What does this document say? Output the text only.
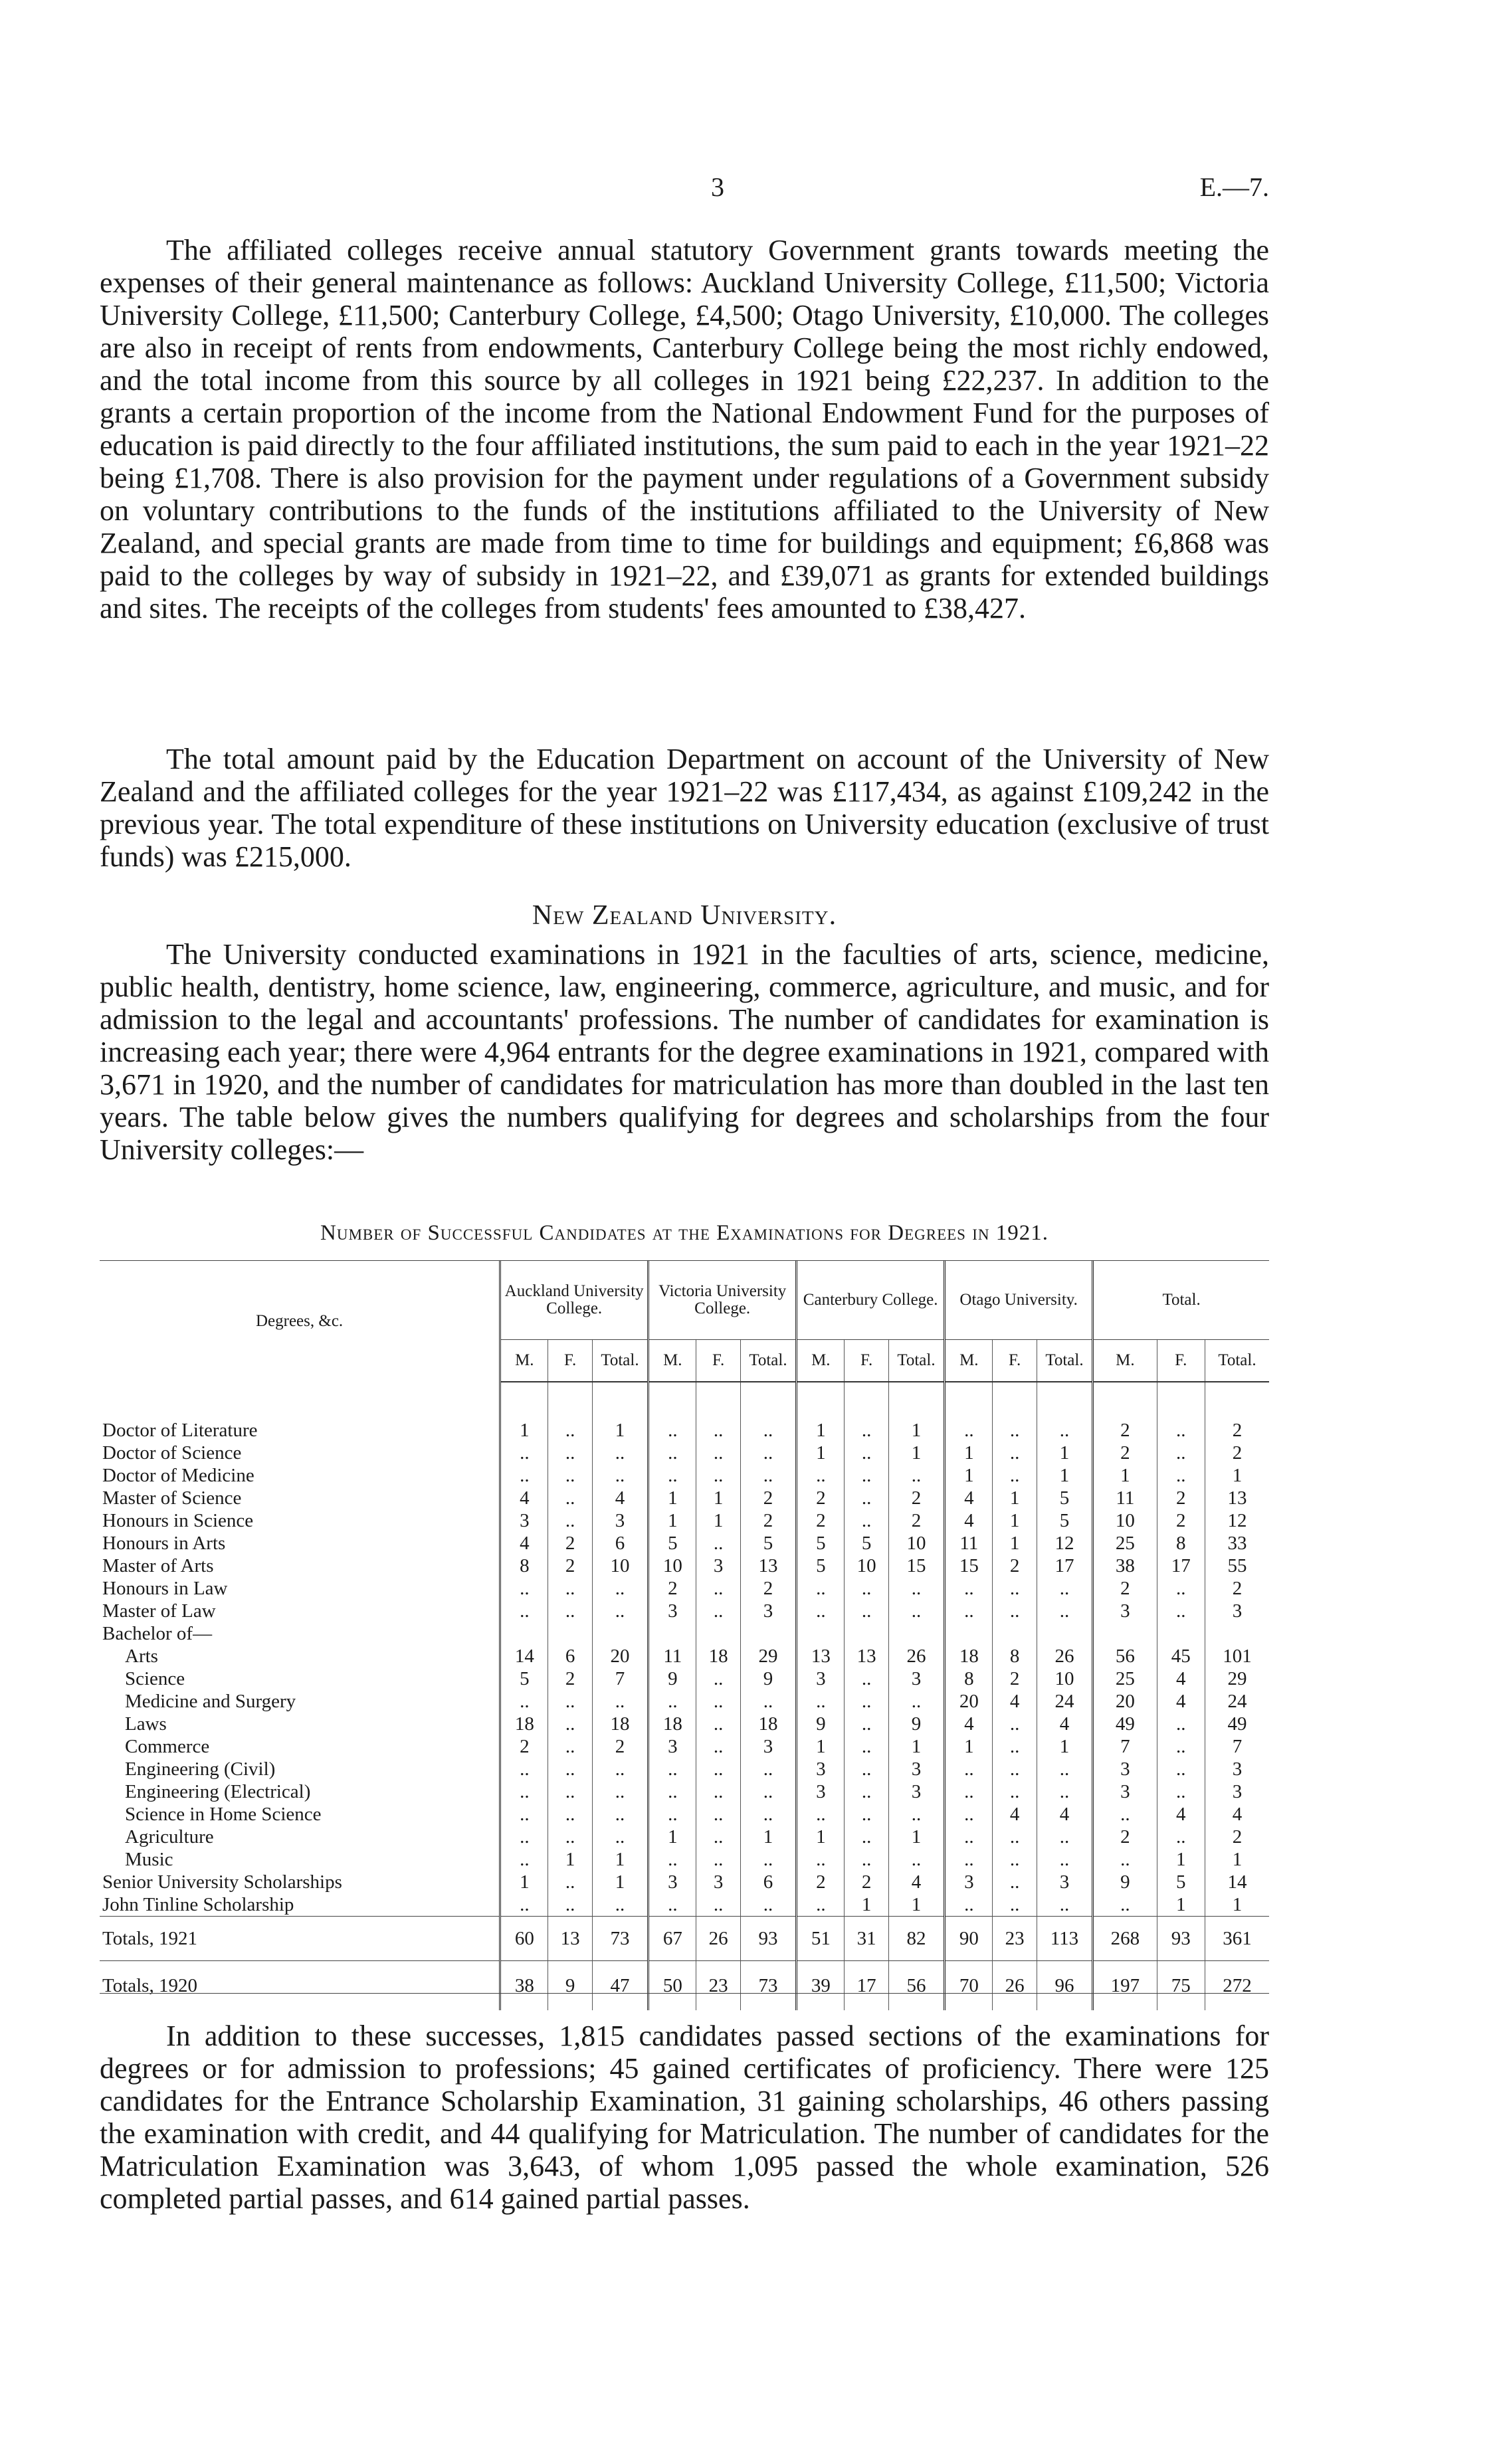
3	E.—7.

The affiliated colleges receive annual statutory Government grants towards meeting the expenses of their general maintenance as follows: Auckland University College, £11,500; Victoria University College, £11,500; Canterbury College, £4,500; Otago University, £10,000. The colleges are also in receipt of rents from endowments, Canterbury College being the most richly endowed, and the total income from this source by all colleges in 1921 being £22,237. In addition to the grants a certain proportion of the income from the National Endowment Fund for the purposes of education is paid directly to the four affiliated institutions, the sum paid to each in the year 1921–22 being £1,708. There is also provision for the payment under regulations of a Government subsidy on voluntary contributions to the funds of the institutions affiliated to the University of New Zealand, and special grants are made from time to time for buildings and equipment; £6,868 was paid to the colleges by way of subsidy in 1921–22, and £39,071 as grants for extended buildings and sites. The receipts of the colleges from students' fees amounted to £38,427.

The total amount paid by the Education Department on account of the University of New Zealand and the affiliated colleges for the year 1921–22 was £117,434, as against £109,242 in the previous year. The total expenditure of these institutions on University education (exclusive of trust funds) was £215,000.

New Zealand University.

The University conducted examinations in 1921 in the faculties of arts, science, medicine, public health, dentistry, home science, law, engineering, commerce, agriculture, and music, and for admission to the legal and accountants' professions. The number of candidates for examination is increasing each year; there were 4,964 entrants for the degree examinations in 1921, compared with 3,671 in 1920, and the number of candidates for matriculation has more than doubled in the last ten years. The table below gives the numbers qualifying for degrees and scholarships from the four University colleges:—

Number of Successful Candidates at the Examinations for Degrees in 1921.
Degrees, &c.	Auckland University College.			Victoria University College.			Canterbury College.			Otago University.			Total.		
	M.	F.	Total.	M.	F.	Total.	M.	F.	Total.	M.	F.	Total.	M.	F.	Total.
Doctor of Literature	1	..	1	..	..	..	1	..	1	..	..	..	2	..	2
Doctor of Science	..	..	..	..	..	..	1	..	1	1	..	1	2	..	2
Doctor of Medicine	..	..	..	..	..	..	..	..	..	1	..	1	1	..	1
Master of Science	4	..	4	1	1	2	2	..	2	4	1	5	11	2	13
Honours in Science	3	..	3	1	1	2	2	..	2	4	1	5	10	2	12
Honours in Arts	4	2	6	5	..	5	5	5	10	11	1	12	25	8	33
Master of Arts	8	2	10	10	3	13	5	10	15	15	2	17	38	17	55
Honours in Law	..	..	..	2	..	2	..	..	..	..	..	..	2	..	2
Master of Law	..	..	..	3	..	3	..	..	..	..	..	..	3	..	3
Bachelor of—															
Arts	14	6	20	11	18	29	13	13	26	18	8	26	56	45	101
Science	5	2	7	9	..	9	3	..	3	8	2	10	25	4	29
Medicine and Surgery	..	..	..	..	..	..	..	..	..	20	4	24	20	4	24
Laws	18	..	18	18	..	18	9	..	9	4	..	4	49	..	49
Commerce	2	..	2	3	..	3	1	..	1	1	..	1	7	..	7
Engineering (Civil)	..	..	..	..	..	..	3	..	3	..	..	..	3	..	3
Engineering (Electrical)	..	..	..	..	..	..	3	..	3	..	..	..	3	..	3
Science in Home Science	..	..	..	..	..	..	..	..	..	..	4	4	..	4	4
Agriculture	..	..	..	1	..	1	1	..	1	..	..	..	2	..	2
Music	..	1	1	..	..	..	..	..	..	..	..	..	..	1	1
Senior University Scholarships	1	..	1	3	3	6	2	2	4	3	..	3	9	5	14
John Tinline Scholarship	..	..	..	..	..	..	..	1	1	..	..	..	..	1	1
Totals, 1921	60	13	73	67	26	93	51	31	82	90	23	113	268	93	361
Totals, 1920	38	9	47	50	23	73	39	17	56	70	26	96	197	75	272

In addition to these successes, 1,815 candidates passed sections of the examinations for degrees or for admission to professions; 45 gained certificates of proficiency. There were 125 candidates for the Entrance Scholarship Examination, 31 gaining scholarships, 46 others passing the examination with credit, and 44 qualifying for Matriculation. The number of candidates for the Matriculation Examination was 3,643, of whom 1,095 passed the whole examination, 526 completed partial passes, and 614 gained partial passes.
